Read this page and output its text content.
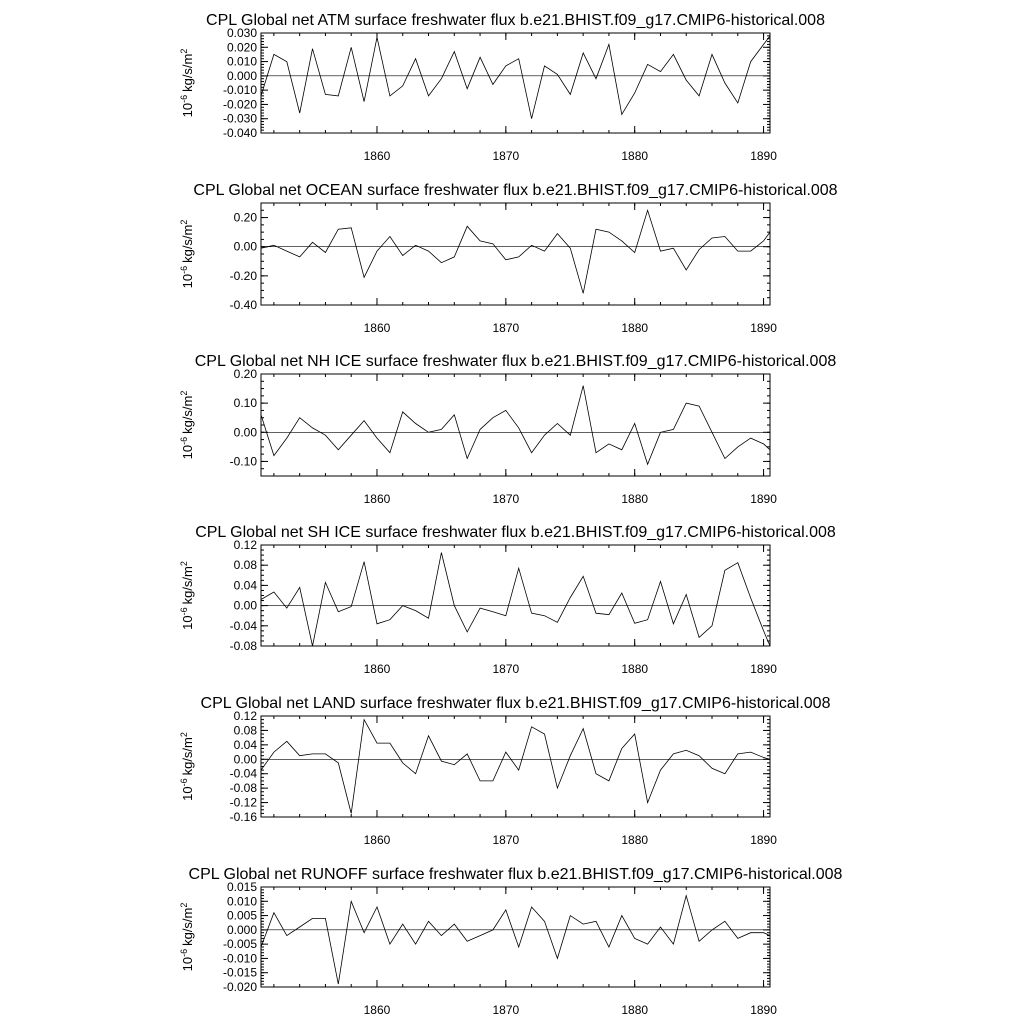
CPL Global net ATM surface freshwater flux b.e21.BHIST.f09_g17.CMIP6-historical.008
-0.040
-0.030
-0.020
-0.010
0.000
0.010
0.020
0.030
1860	1870	1880	1890
$10^{-6}kg/s/m^2$
CPL Global net OCEAN surface freshwater flux b.e21.BHIST.f09_g17.CMIP6-historical.008
-0.40
-0.20
0.00
0.20
1860	1870	1880	1890
$10^{-6}kg/s/m^2$
CPL Global net NH ICE surface freshwater flux b.e21.BHIST.f09_g17.CMIP6-historical.008
-0.10
0.00
0.10
0.20
1860	1870	1880	1890
$10^{-6}kg/s/m^2$
CPL Global net SH ICE surface freshwater flux b.e21.BHIST.f09_g17.CMIP6-historical.008
-0.08
-0.04
0.00
0.04
0.08
0.12
1860	1870	1880	1890
$10^{-6}kg/s/m^2$
CPL Global net LAND surface freshwater flux b.e21.BHIST.f09_g17.CMIP6-historical.008
-0.16
-0.12
-0.08
-0.04
0.00
0.04
0.08
0.12
1860	1870	1880	1890
$10^{-6}kg/s/m^2$
CPL Global net RUNOFF surface freshwater flux b.e21.BHIST.f09_g17.CMIP6-historical.008
-0.020
-0.015
-0.010
-0.005
0.000
0.005
0.010
0.015
1860	1870	1880	1890
$10^{-6}kg/s/m^2$
